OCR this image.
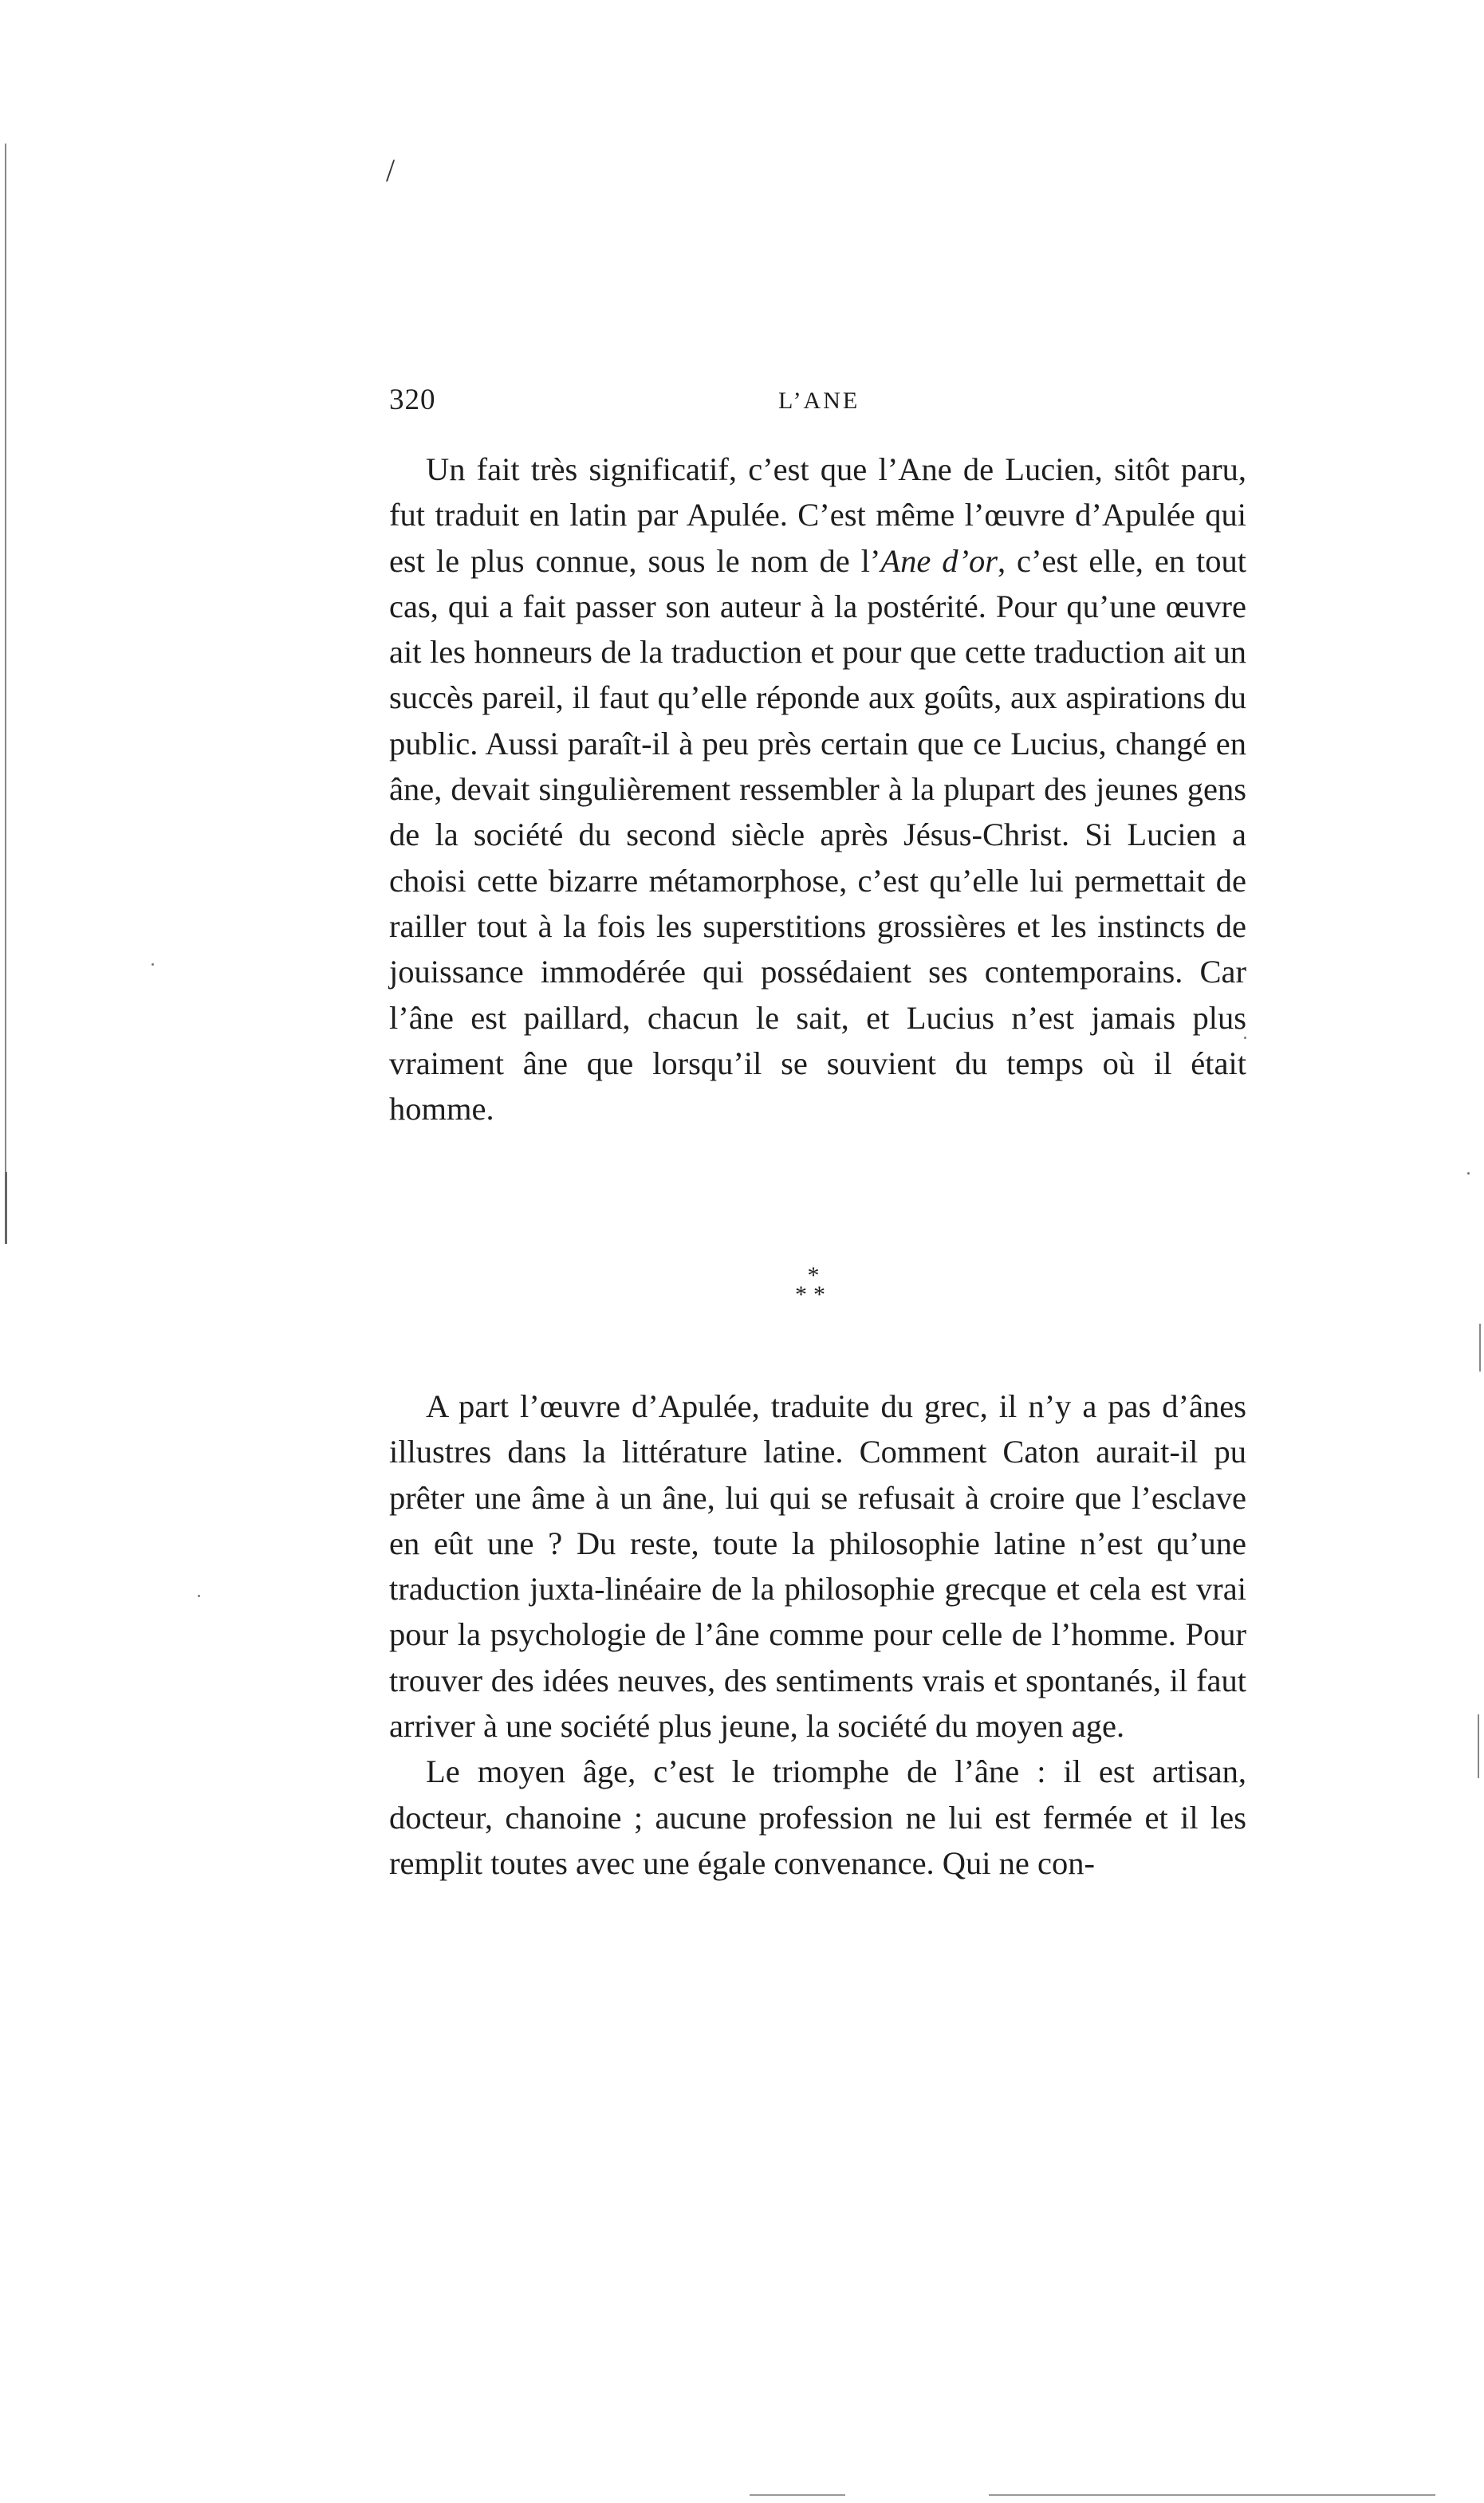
/
320	L’ANE

Un fait très significatif, c’est que l’Ane de Lucien, sitôt paru, fut traduit en latin par Apulée. C’est même l’œuvre d’Apulée qui est le plus connue, sous le nom de l’Ane d’or, c’est elle, en tout cas, qui a fait passer son auteur à la postérité. Pour qu’une œuvre ait les honneurs de la traduction et pour que cette traduction ait un succès pareil, il faut qu’elle réponde aux goûts, aux aspirations du public. Aussi paraît-il à peu près certain que ce Lucius, changé en âne, devait singulièrement ressembler à la plupart des jeunes gens de la société du second siècle après Jésus-Christ. Si Lucien a choisi cette bizarre métamorphose, c’est qu’elle lui permettait de railler tout à la fois les superstitions grossières et les instincts de jouissance immodérée qui possédaient ses contemporains. Car l’âne est paillard, chacun le sait, et Lucius n’est jamais plus vraiment âne que lorsqu’il se souvient du temps où il était homme.

*
**

A part l’œuvre d’Apulée, traduite du grec, il n’y a pas d’ânes illustres dans la littérature latine. Comment Caton aurait-il pu prêter une âme à un âne, lui qui se refusait à croire que l’esclave en eût une ? Du reste, toute la philosophie latine n’est qu’une traduction juxta-linéaire de la philosophie grecque et cela est vrai pour la psychologie de l’âne comme pour celle de l’homme. Pour trouver des idées neuves, des sentiments vrais et spontanés, il faut arriver à une société plus jeune, la société du moyen age.

Le moyen âge, c’est le triomphe de l’âne : il est artisan, docteur, chanoine ; aucune profession ne lui est fermée et il les remplit toutes avec une égale convenance. Qui ne con-
